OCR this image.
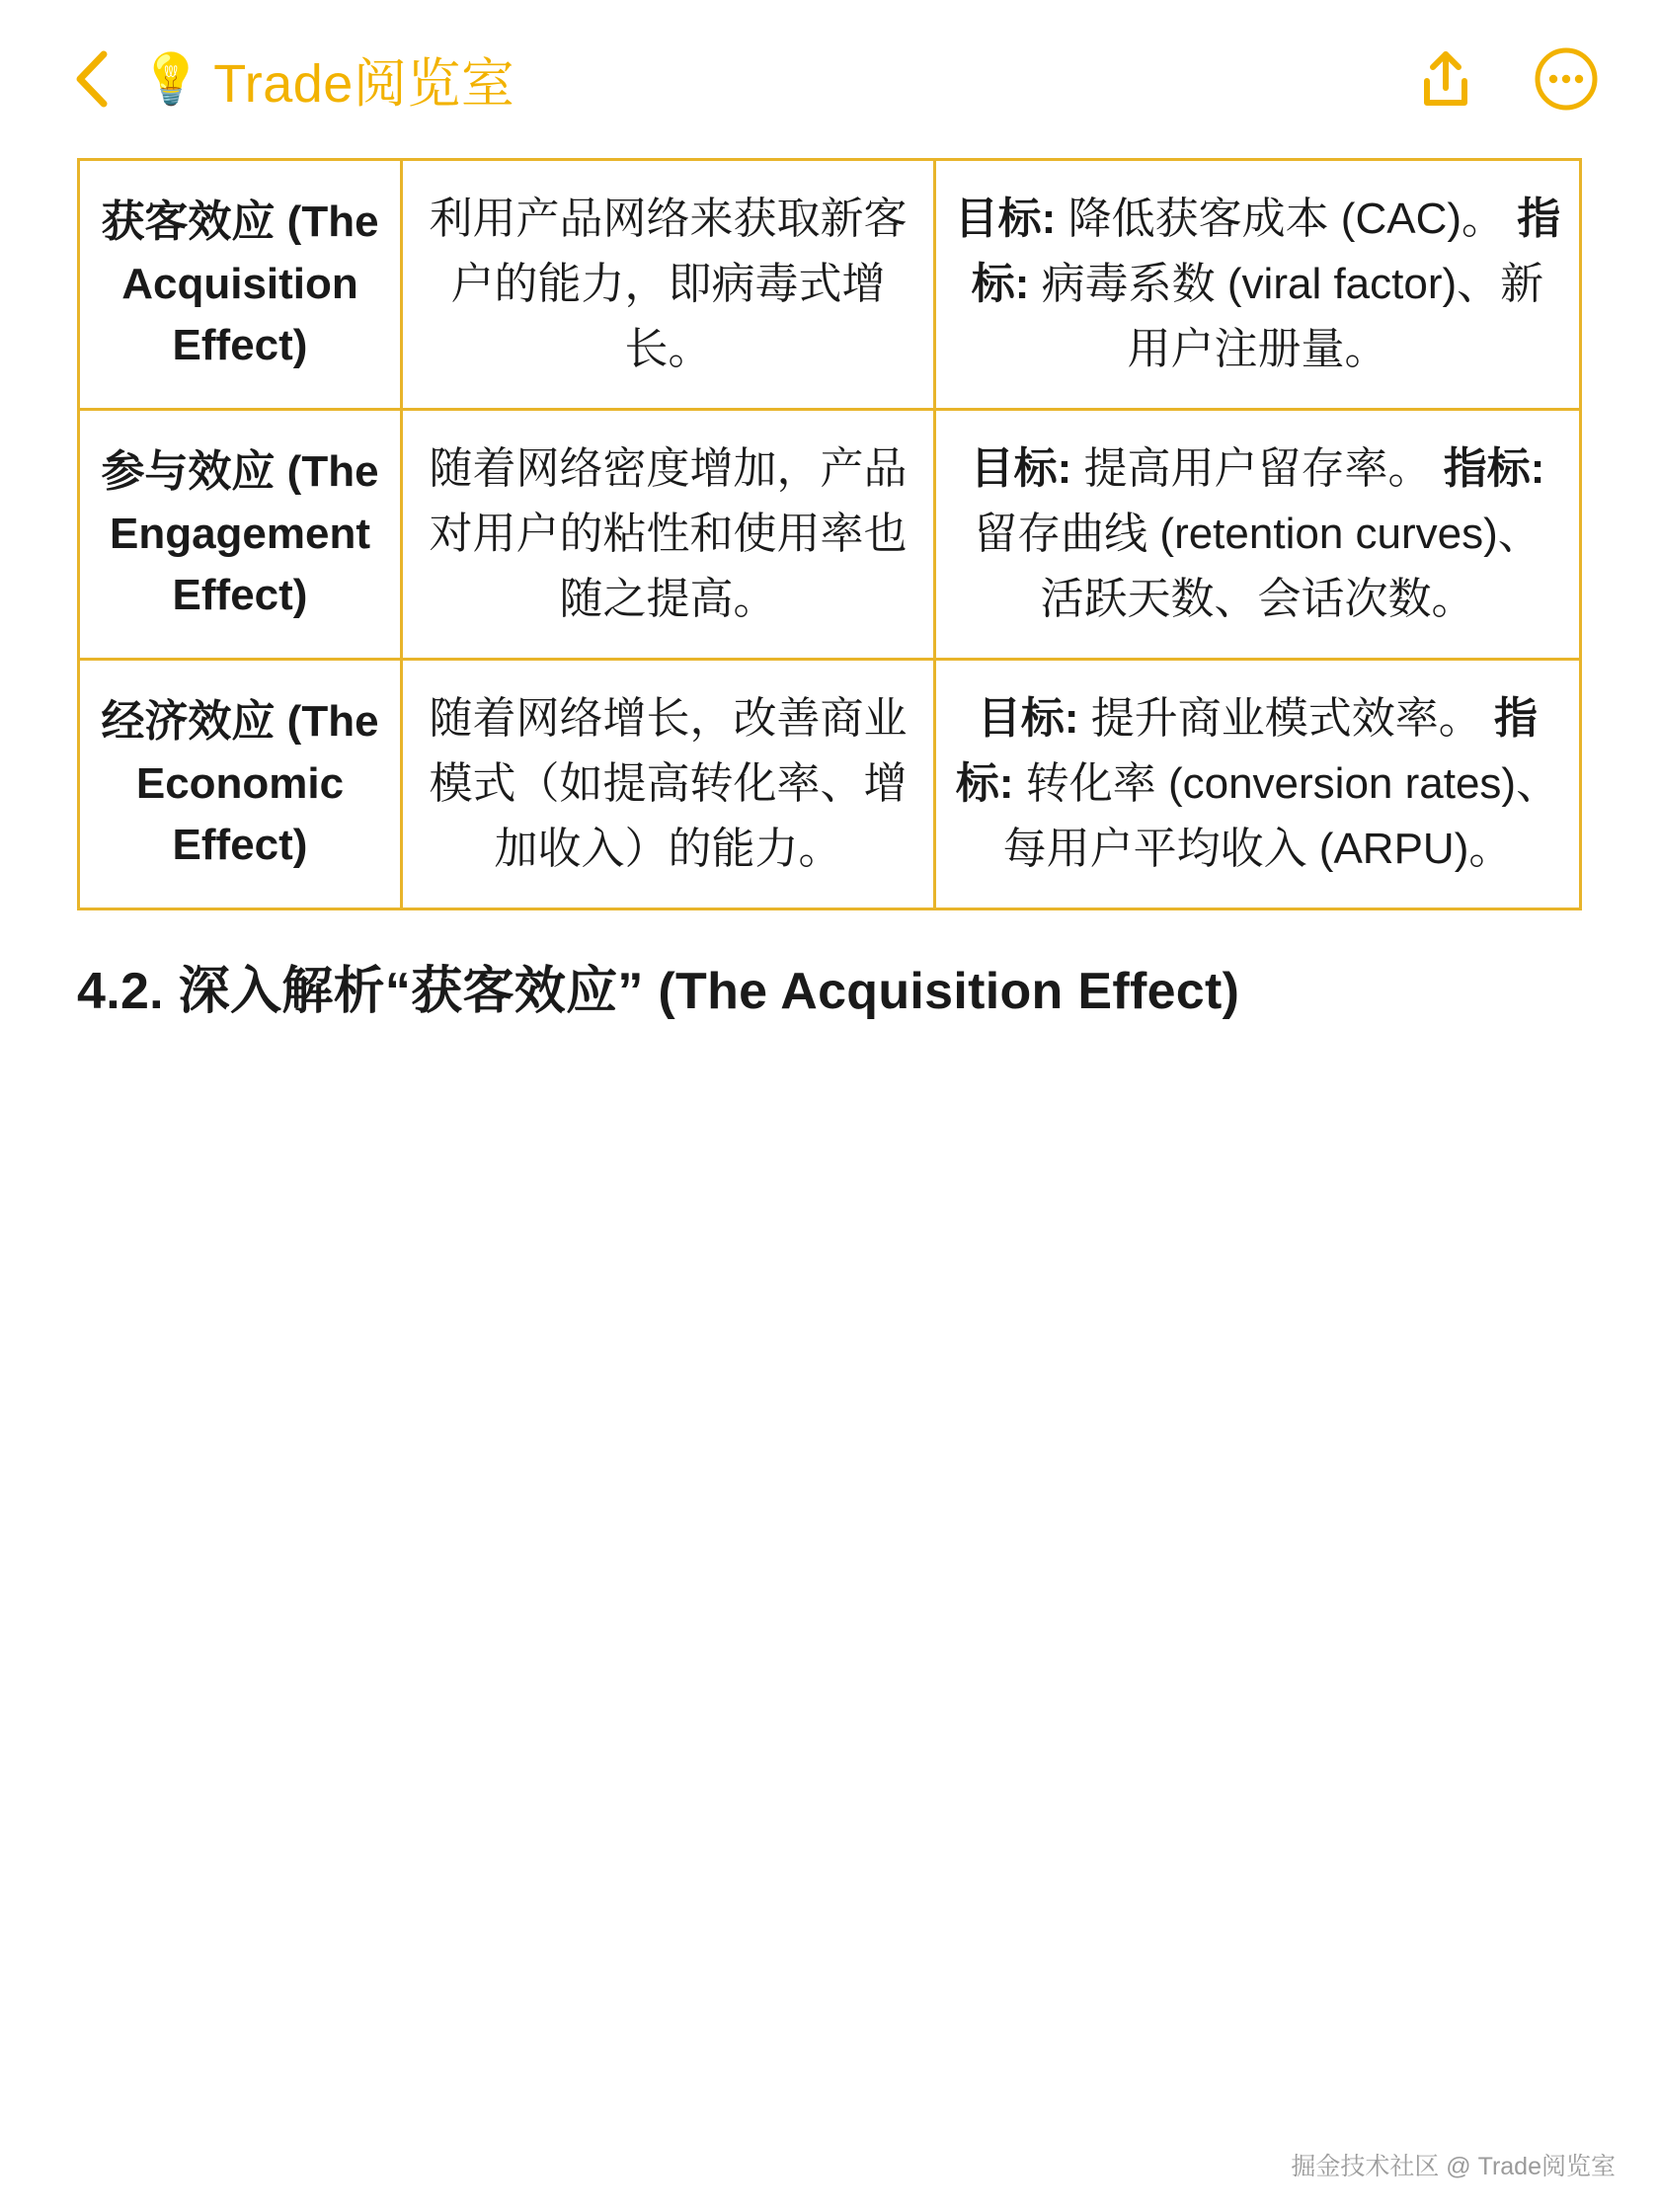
💡 Trade阅览室
获客效应 (The Acquisition Effect)	利用产品网络来获取新客户的能力，即病毒式增长。	目标: 降低获客成本 (CAC)。 指标: 病毒系数 (viral factor)、新用户注册量。
参与效应 (The Engagement Effect)	随着网络密度增加，产品对用户的粘性和使用率也随之提高。	目标: 提高用户留存率。 指标: 留存曲线 (retention curves)、活跃天数、会话次数。
经济效应 (The Economic Effect)	随着网络增长，改善商业模式（如提高转化率、增加收入）的能力。	目标: 提升商业模式效率。 指标: 转化率 (conversion rates)、每用户平均收入 (ARPU)。
4.2. 深入解析“获客效应” (The Acquisition Effect)
掘金技术社区 @ Trade阅览室
